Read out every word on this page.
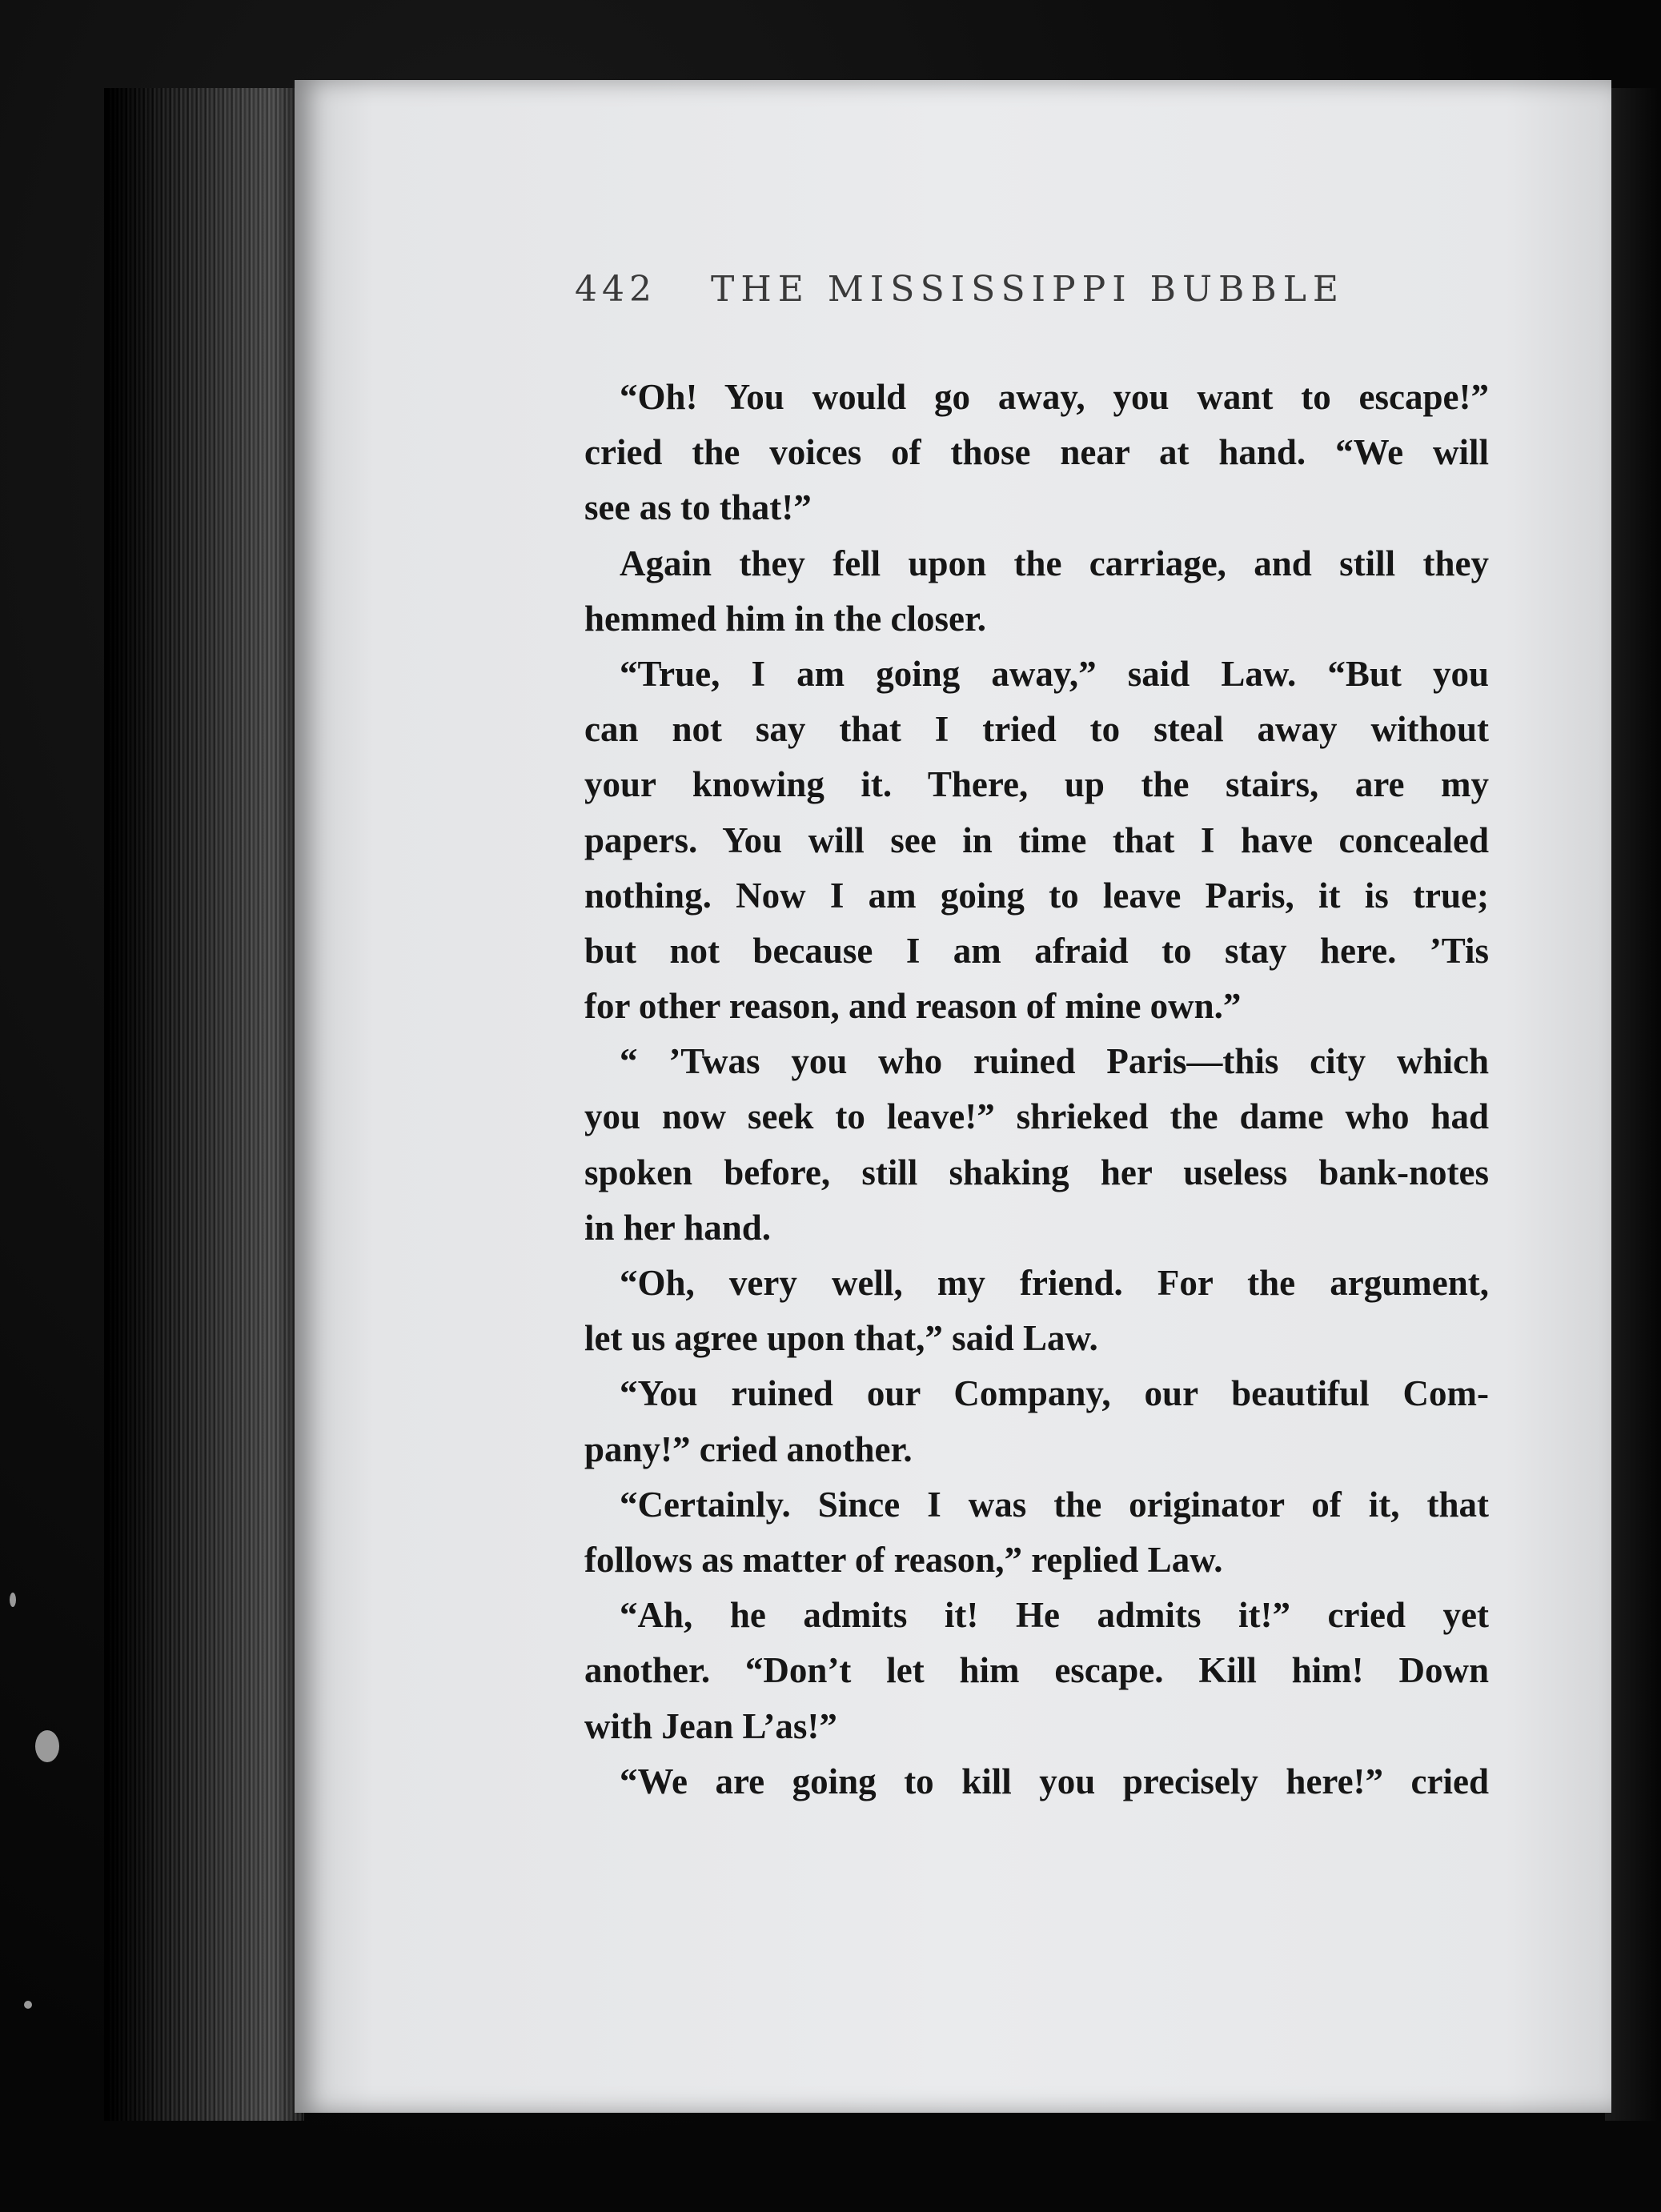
442 THE MISSISSIPPI BUBBLE
“Oh! You would go away, you want to escape!”
cried the voices of those near at hand. “We will
see as to that!”
Again they fell upon the carriage, and still they
hemmed him in the closer.
“True, I am going away,” said Law. “But you
can not say that I tried to steal away without
your knowing it. There, up the stairs, are my
papers. You will see in time that I have concealed
nothing. Now I am going to leave Paris, it is true;
but not because I am afraid to stay here. ’Tis
for other reason, and reason of mine own.”
“ ’Twas you who ruined Paris—this city which
you now seek to leave!” shrieked the dame who had
spoken before, still shaking her useless bank-notes
in her hand.
“Oh, very well, my friend. For the argument,
let us agree upon that,” said Law.
“You ruined our Company, our beautiful Com-
pany!” cried another.
“Certainly. Since I was the originator of it, that
follows as matter of reason,” replied Law.
“Ah, he admits it! He admits it!” cried yet
another. “Don’t let him escape. Kill him! Down
with Jean L’as!”
“We are going to kill you precisely here!” cried
